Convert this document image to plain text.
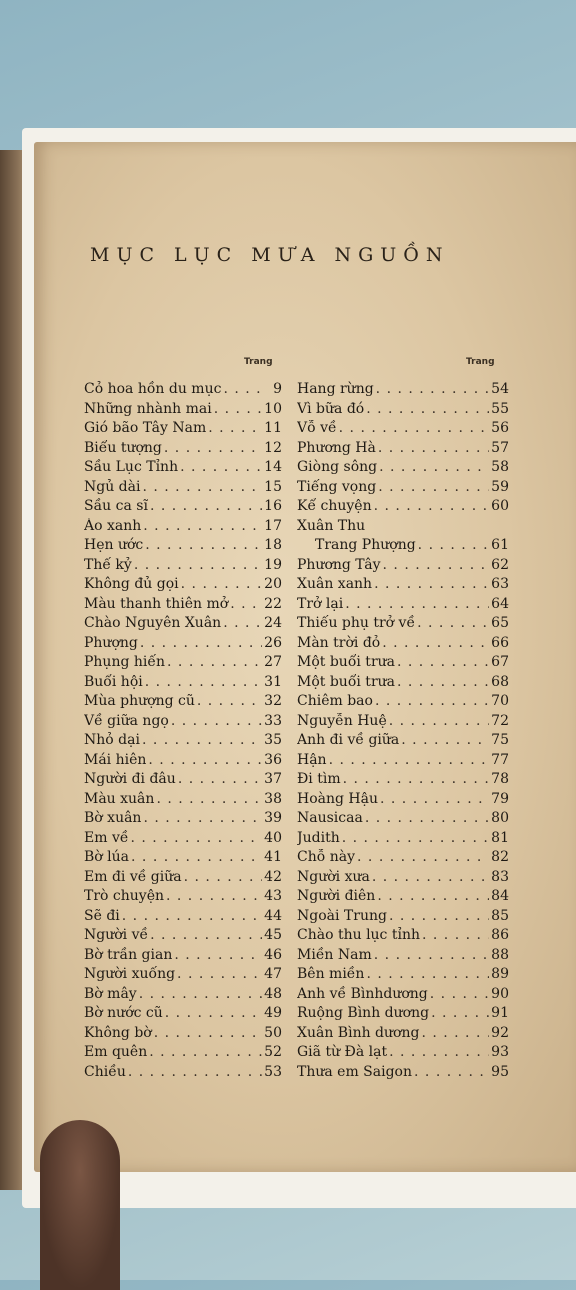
MỤC LỤC MƯA NGUỒN
Trang	Trang
Cỏ hoa hồn du mục . . .	9
Những nhành mai . . .	10
Gió bão Tây Nam . . .	11
Biểu tượng . . .	12
Sầu Lục Tỉnh . . .	14
Ngủ dài . . .	15
Sầu ca sĩ . . .	16
Áo xanh . . .	17
Hẹn ước . . .	18
Thế kỷ . . .	19
Không đủ gọi . . .	20
Màu thanh thiên mở . . .	22
Chào Nguyên Xuân . . .	24
Phượng . . .	26
Phụng hiến . . .	27
Buổi hội . . .	31
Mùa phượng cũ . . .	32
Về giữa ngọ . . .	33
Nhỏ dại . . .	35
Mái hiên . . .	36
Người đi đâu . . .	37
Màu xuân . . .	38
Bờ xuân . . .	39
Em về . . .	40
Bờ lúa . . .	41
Em đi về giữa . . .	42
Trò chuyện . . .	43
Sẽ đi . . .	44
Người về . . .	45
Bờ trần gian . . .	46
Người xuống . . .	47
Bờ mây . . .	48
Bờ nước cũ . . .	49
Không bờ . . .	50
Em quên . . .	52
Chiều . . .	53
Hang rừng . . .	54
Vì bữa đó . . .	55
Vỗ về . . .	56
Phương Hà . . .	57
Giòng sông . . .	58
Tiếng vọng . . .	59
Kể chuyện . . .	60
Xuân Thu
Trang Phượng . . .	61
Phương Tây . . .	62
Xuân xanh . . .	63
Trở lại . . .	64
Thiếu phụ trở về . . .	65
Màn trời đỏ . . .	66
Một buổi trưa . . .	67
Một buổi trưa . . .	68
Chiêm bao . . .	70
Nguyễn Huệ . . .	72
Anh đi về giữa . . .	75
Hận . . .	77
Đi tìm . . .	78
Hoàng Hậu . . .	79
Nausicaa . . .	80
Judith . . .	81
Chỗ này . . .	82
Người xưa . . .	83
Người điên . . .	84
Ngoài Trung . . .	85
Chào thu lục tỉnh . . .	86
Miền Nam . . .	88
Bên miền . . .	89
Anh về Bìnhdương . . .	90
Ruộng Bình dương . . .	91
Xuân Bình dương . . .	92
Giã từ Đà lạt . . .	93
Thưa em Saigon . . .	95
